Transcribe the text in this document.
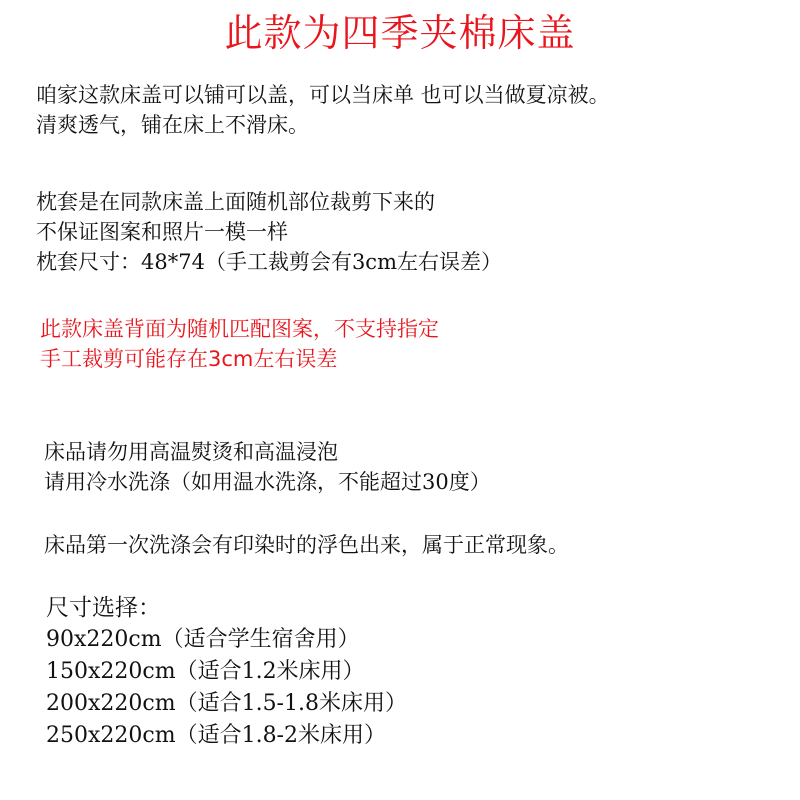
此款为四季夹棉床盖
咱家这款床盖可以铺可以盖，可以当床单 也可以当做夏凉被。
清爽透气，铺在床上不滑床。
枕套是在同款床盖上面随机部位裁剪下来的
不保证图案和照片一模一样
枕套尺寸：48*74（手工裁剪会有3cm左右误差）
此款床盖背面为随机匹配图案，不支持指定
手工裁剪可能存在3cm左右误差
床品请勿用高温熨烫和高温浸泡
请用冷水洗涤（如用温水洗涤，不能超过30度）
床品第一次洗涤会有印染时的浮色出来，属于正常现象。
尺寸选择：
90x220cm（适合学生宿舍用）
150x220cm（适合1.2米床用）
200x220cm（适合1.5-1.8米床用）
250x220cm（适合1.8-2米床用）
